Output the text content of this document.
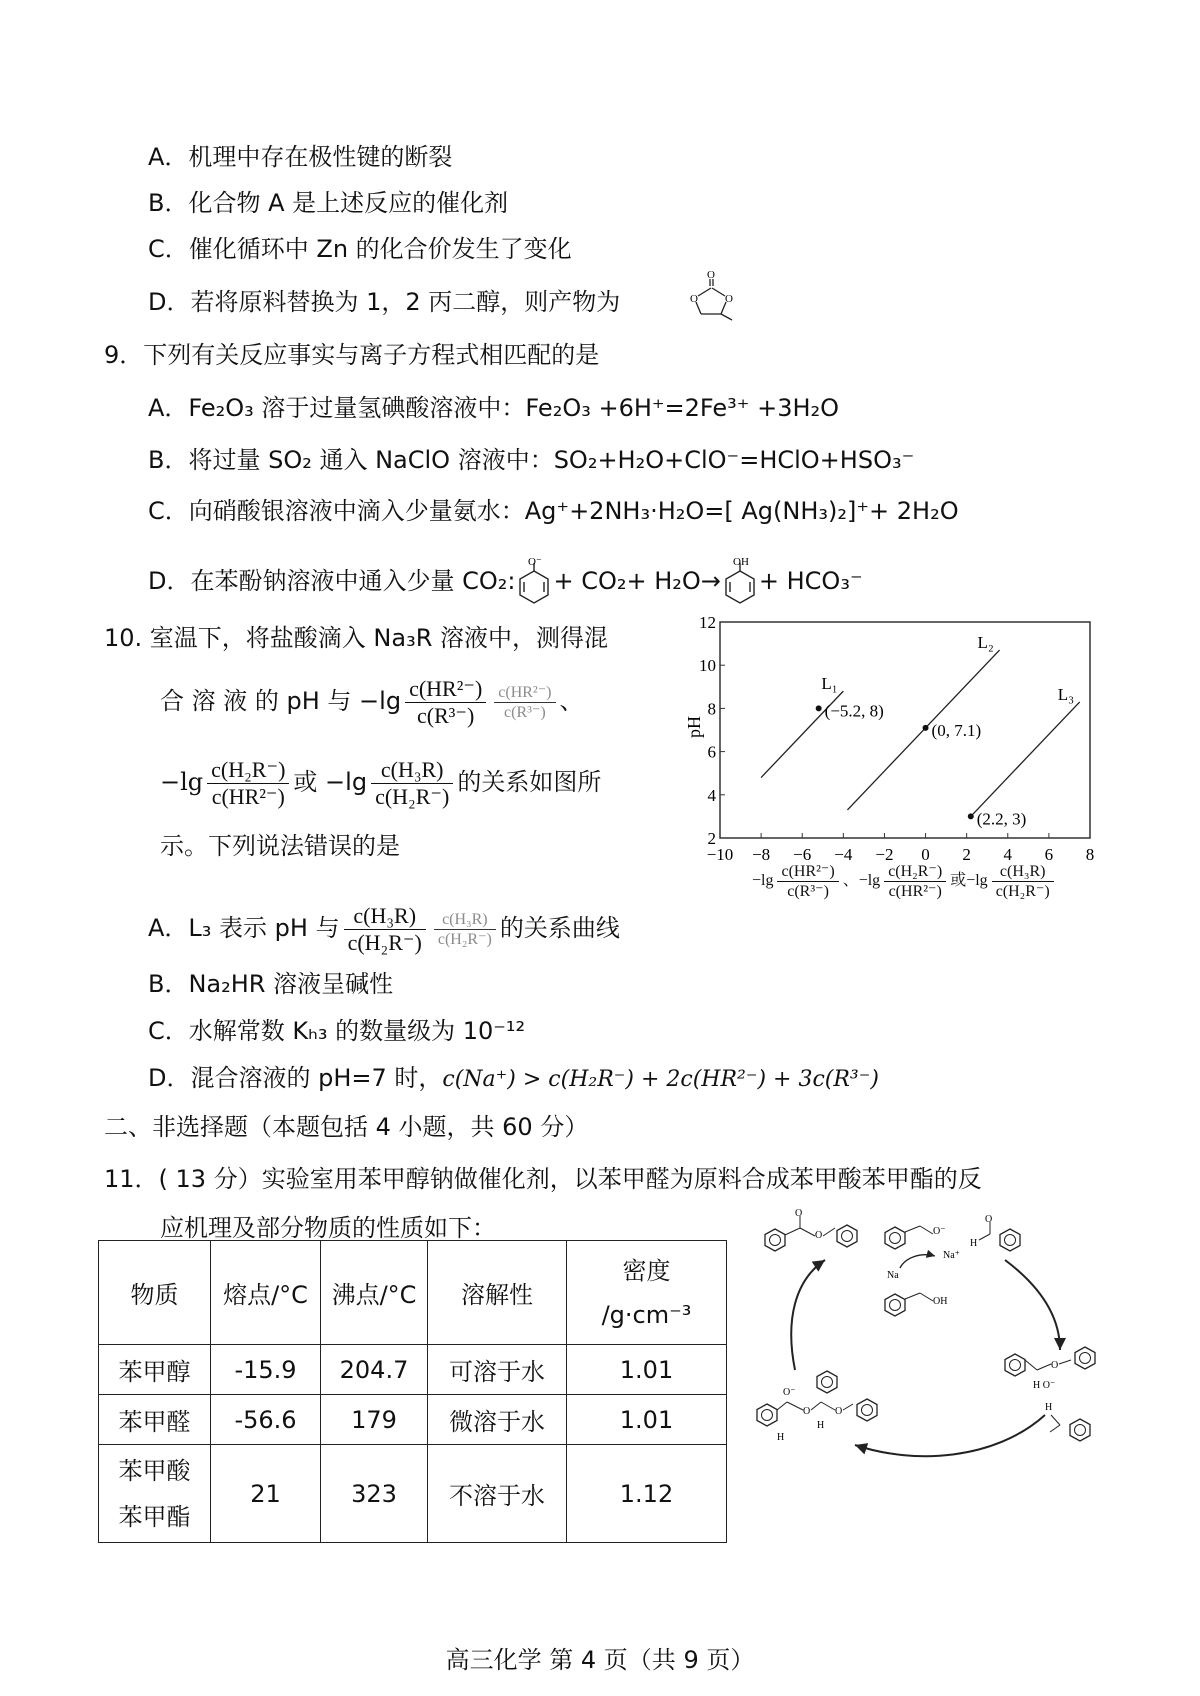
A．机理中存在极性键的断裂
B．化合物 A 是上述反应的催化剂
C．催化循环中 Zn 的化合价发生了变化
D．若将原料替换为 1，2 丙二醇，则产物为
O
O O
9．下列有关反应事实与离子方程式相匹配的是
A．Fe₂O₃ 溶于过量氢碘酸溶液中：Fe₂O₃ +6H⁺=2Fe³⁺ +3H₂O
B．将过量 SO₂ 通入 NaClO 溶液中：SO₂+H₂O+ClO⁻=HClO+HSO₃⁻
C．向硝酸银溶液中滴入少量氨水：Ag⁺+2NH₃·H₂O=[ Ag(NH₃)₂]⁺+ 2H₂O
D．在苯酚钠溶液中通入少量 CO₂:
O⁻
+ CO₂+ H₂O→
OH
+ HCO₃⁻
10. 室温下，将盐酸滴入 Na₃R 溶液中，测得混
合 溶 液 的 pH 与 $-\lg \frac{\text{c(HR²⁻)}}{\text{c(R³⁻)}} \frac{\text{c(HR²⁻)}}{\text{c(R³⁻)}}$ 、
$-\lg \frac{\text{c(H₂R⁻)}}{\text{c(HR²⁻)}}$ 或 $-\lg \frac{\text{c(H₃R)}}{\text{c(H₂R⁻)}}$ 的关系如图所
示。下列说法错误的是
A．L₃ 表示 pH 与 $\frac{\text{c(H₃R)}}{\text{c(H₂R⁻)}} \frac{\text{c(H₃R)}}{\text{c(H₂R⁻)}}$ 的关系曲线
B．Na₂HR 溶液呈碱性
C．水解常数 Kₕ₃ 的数量级为 10⁻¹²
D．混合溶液的 pH=7 时，c(Na⁺) > c(H₂R⁻) + 2c(HR²⁻) + 3c(R³⁻)
pH
−10 −8 −6 −4 −2 0 2 4 6 8
2
4
6
8
10
12
(−5.2, 8)
L₁
(0, 7.1)
L₂
(2.2, 3)
L₃
$-\lg \frac{\text{c(HR²⁻)}}{\text{c(R³⁻)}}$ 、$-\lg \frac{\text{c(H₂R⁻)}}{\text{c(HR²⁻)}}$ 或$-\lg \frac{\text{c(H₃R)}}{\text{c(H₂R⁻)}}$
二、非选择题（本题包括 4 小题，共 60 分）
11．( 13 分）实验室用苯甲醇钠做催化剂，以苯甲醛为原料合成苯甲酸苯甲酯的反
应机理及部分物质的性质如下：
物质	熔点/°C	沸点/°C	溶解性	密度
/g·cm⁻³
苯甲醇	-15.9	204.7	可溶于水	1.01
苯甲醛	-56.6	179	微溶于水	1.01
苯甲酸
苯甲酯	21	323	不溶于水	1.12
O
O	O⁻
Na⁺
Na
OH
H
O
H O⁻
O
H
O⁻
H
O
H
O
高三化学 第 4 页（共 9 页）
